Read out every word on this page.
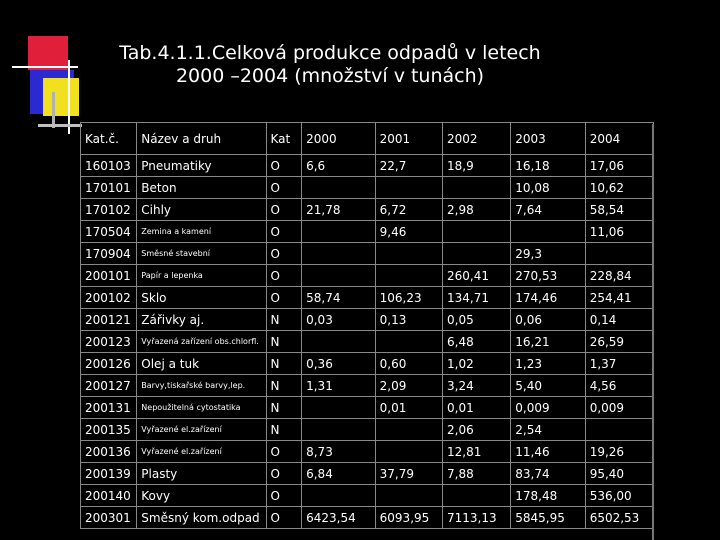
Tab.4.1.1.Celková produkce odpadů v letech
2000 –2004 (množství v tunách)
Kat.č.	Název a druh	Kat	2000	2001	2002	2003	2004
160103	Pneumatiky	O	6,6	22,7	18,9	16,18	17,06
170101	Beton	O				10,08	10,62
170102	Cihly	O	21,78	6,72	2,98	7,64	58,54
170504	Zemina a kamení	O		9,46			11,06
170904	Směsné stavební	O				29,3	
200101	Papír a lepenka	O			260,41	270,53	228,84
200102	Sklo	O	58,74	106,23	134,71	174,46	254,41
200121	Zářivky aj.	N	0,03	0,13	0,05	0,06	0,14
200123	Vyřazená zařízení obs.chlorfl.	N			6,48	16,21	26,59
200126	Olej a tuk	N	0,36	0,60	1,02	1,23	1,37
200127	Barvy,tiskařské barvy,lep.	N	1,31	2,09	3,24	5,40	4,56
200131	Nepoužitelná cytostatika	N		0,01	0,01	0,009	0,009
200135	Vyřazené el.zařízení	N			2,06	2,54	
200136	Vyřazené el.zařízení	O	8,73		12,81	11,46	19,26
200139	Plasty	O	6,84	37,79	7,88	83,74	95,40
200140	Kovy	O				178,48	536,00
200301	Směsný kom.odpad	O	6423,54	6093,95	7113,13	5845,95	6502,53
